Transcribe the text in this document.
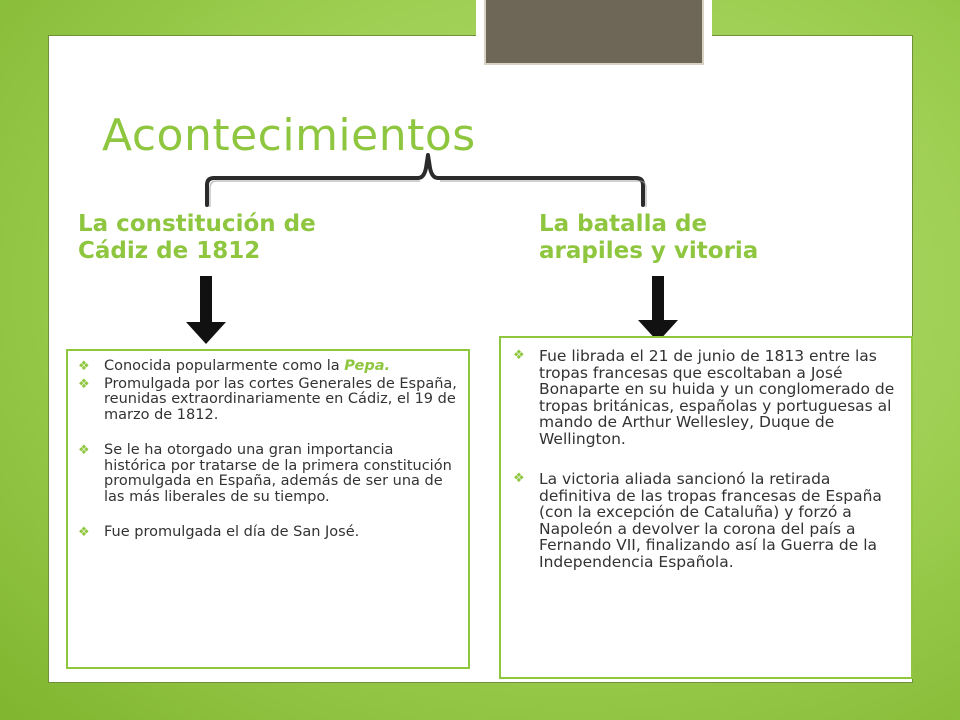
Acontecimientos

La constitución de
Cádiz de 1812

La batalla de
arapiles y vitoria

❖ Conocida popularmente como la Pepa.
❖ Promulgada por las cortes Generales de España, reunidas extraordinariamente en Cádiz, el 19 de marzo de 1812.
❖ Se le ha otorgado una gran importancia histórica por tratarse de la primera constitución promulgada en España, además de ser una de las más liberales de su tiempo.
❖ Fue promulgada el día de San José.
❖ Fue librada el 21 de junio de 1813 entre las tropas francesas que escoltaban a José Bonaparte en su huida y un conglomerado de tropas británicas, españolas y portuguesas al mando de Arthur Wellesley, Duque de Wellington.
❖ La victoria aliada sancionó la retirada definitiva de las tropas francesas de España (con la excepción de Cataluña) y forzó a Napoleón a devolver la corona del país a Fernando VII, finalizando así la Guerra de la Independencia Española.
